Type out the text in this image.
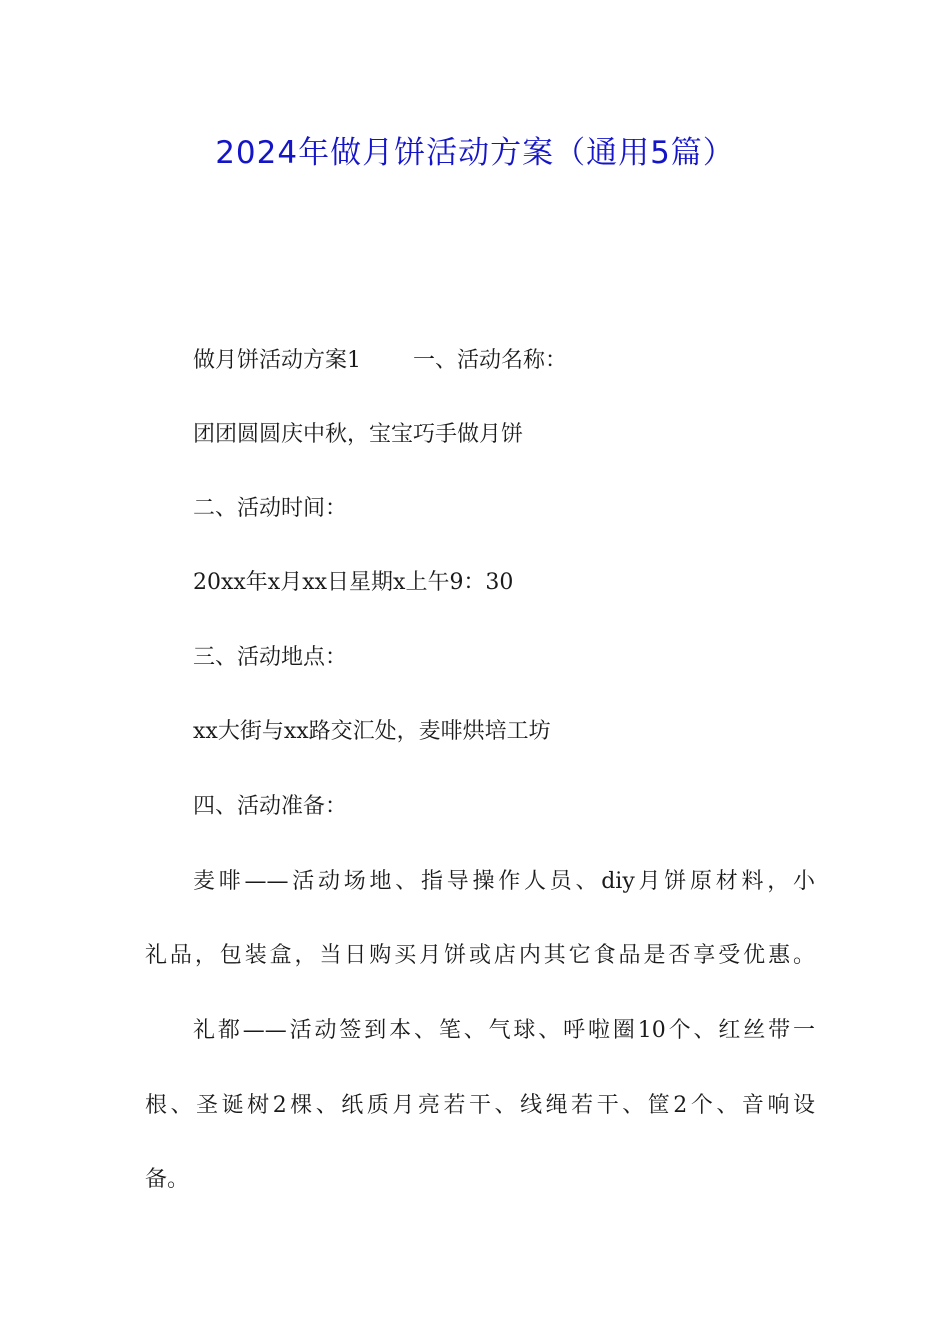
2024年做月饼活动方案（通用5篇）

做月饼活动方案1 一、活动名称：

团团圆圆庆中秋，宝宝巧手做月饼

二、活动时间：

20xx年x月xx日星期x上午9：30

三、活动地点：

xx大街与xx路交汇处，麦啡烘培工坊

四、活动准备：

麦啡——活动场地、指导操作人员、diy月饼原材料，小

礼品，包装盒，当日购买月饼或店内其它食品是否享受优惠。

礼都——活动签到本、笔、气球、呼啦圈10个、红丝带一

根、圣诞树2棵、纸质月亮若干、线绳若干、筐2个、音响设

备。
